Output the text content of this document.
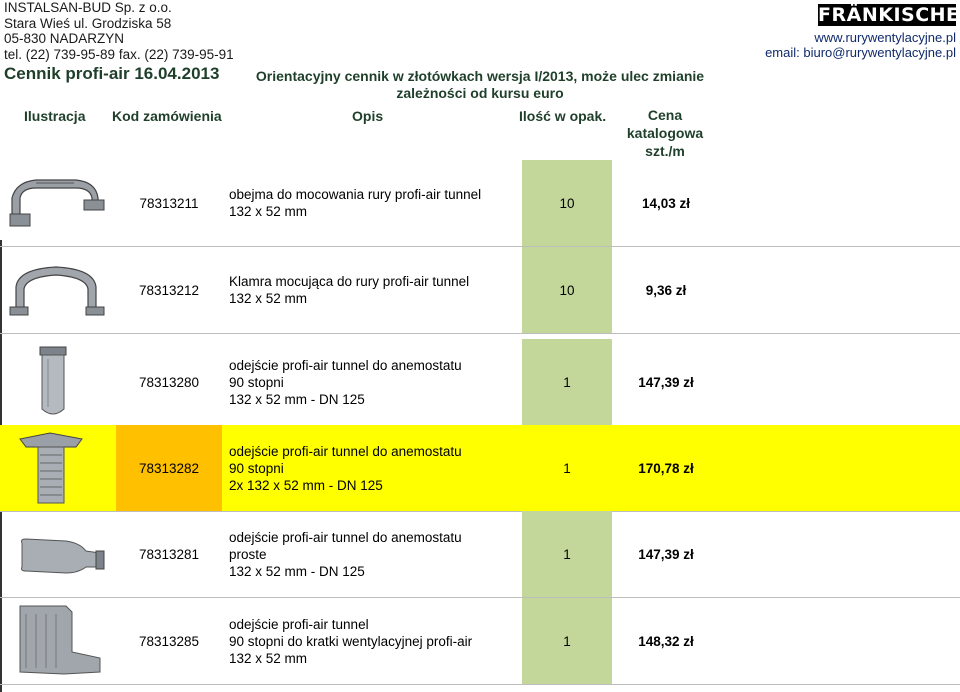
INSTALSAN-BUD Sp. z o.o.
Stara Wieś ul. Grodziska 58
05-830 NADARZYN
tel. (22) 739-95-89 fax. (22) 739-95-91
Cennik profi-air 16.04.2013	Orientacyjny cennik w złotówkach wersja I/2013, może ulec zmianie
zależności od kursu euro
FRÄNKISCHE
www.rurywentylacyjne.pl
email: biuro@rurywentylacyjne.pl
Ilustracja Kod zamówienia	Opis	Ilość w opak.	Cena
katalogowa
szt./m
78313211
obejma do mocowania rury profi-air tunnel
132 x 52 mm
10	14,03 zł
78313212
Klamra mocująca do rury profi-air tunnel
132 x 52 mm
10	9,36 zł
78313280
odejście profi-air tunnel do anemostatu
90 stopni
132 x 52 mm - DN 125
1	147,39 zł
78313282
odejście profi-air tunnel do anemostatu
90 stopni
2x 132 x 52 mm - DN 125
1	170,78 zł
78313281
odejście profi-air tunnel do anemostatu
proste
132 x 52 mm - DN 125
1	147,39 zł
78313285
odejście profi-air tunnel
90 stopni do kratki wentylacyjnej profi-air
132 x 52 mm
1	148,32 zł
